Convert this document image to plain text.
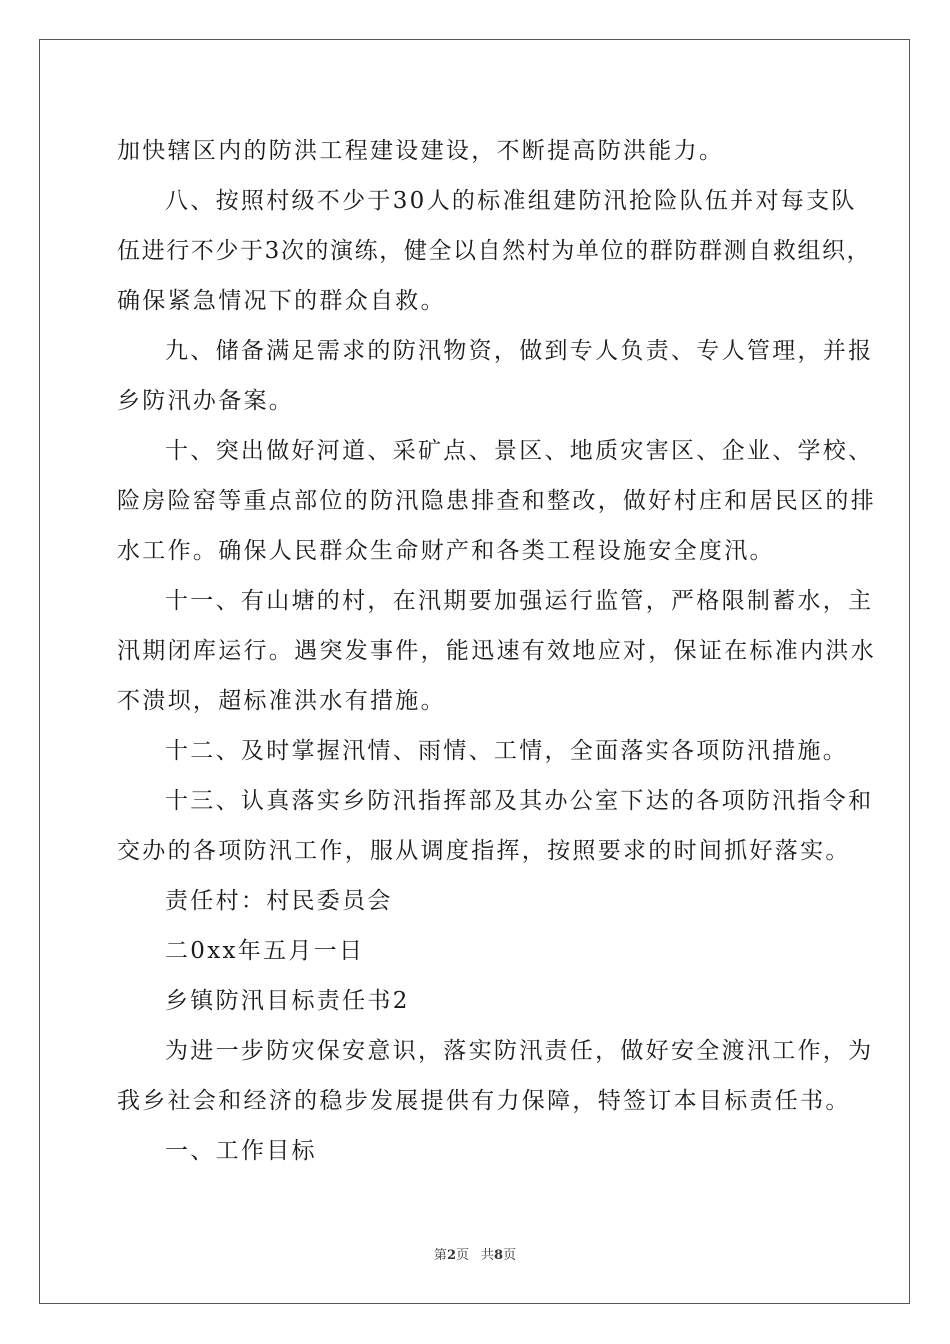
加快辖区内的防洪工程建设建设，不断提高防洪能力。
八、按照村级不少于30人的标准组建防汛抢险队伍并对每支队
伍进行不少于3次的演练，健全以自然村为单位的群防群测自救组织，
确保紧急情况下的群众自救。
九、储备满足需求的防汛物资，做到专人负责、专人管理，并报
乡防汛办备案。
十、突出做好河道、采矿点、景区、地质灾害区、企业、学校、
险房险窑等重点部位的防汛隐患排查和整改，做好村庄和居民区的排
水工作。确保人民群众生命财产和各类工程设施安全度汛。
十一、有山塘的村，在汛期要加强运行监管，严格限制蓄水，主
汛期闭库运行。遇突发事件，能迅速有效地应对，保证在标准内洪水
不溃坝，超标准洪水有措施。
十二、及时掌握汛情、雨情、工情，全面落实各项防汛措施。
十三、认真落实乡防汛指挥部及其办公室下达的各项防汛指令和
交办的各项防汛工作，服从调度指挥，按照要求的时间抓好落实。
责任村：村民委员会
二0xx年五月一日
乡镇防汛目标责任书2
为进一步防灾保安意识，落实防汛责任，做好安全渡汛工作，为
我乡社会和经济的稳步发展提供有力保障，特签订本目标责任书。
一、工作目标
第2页 共8页
